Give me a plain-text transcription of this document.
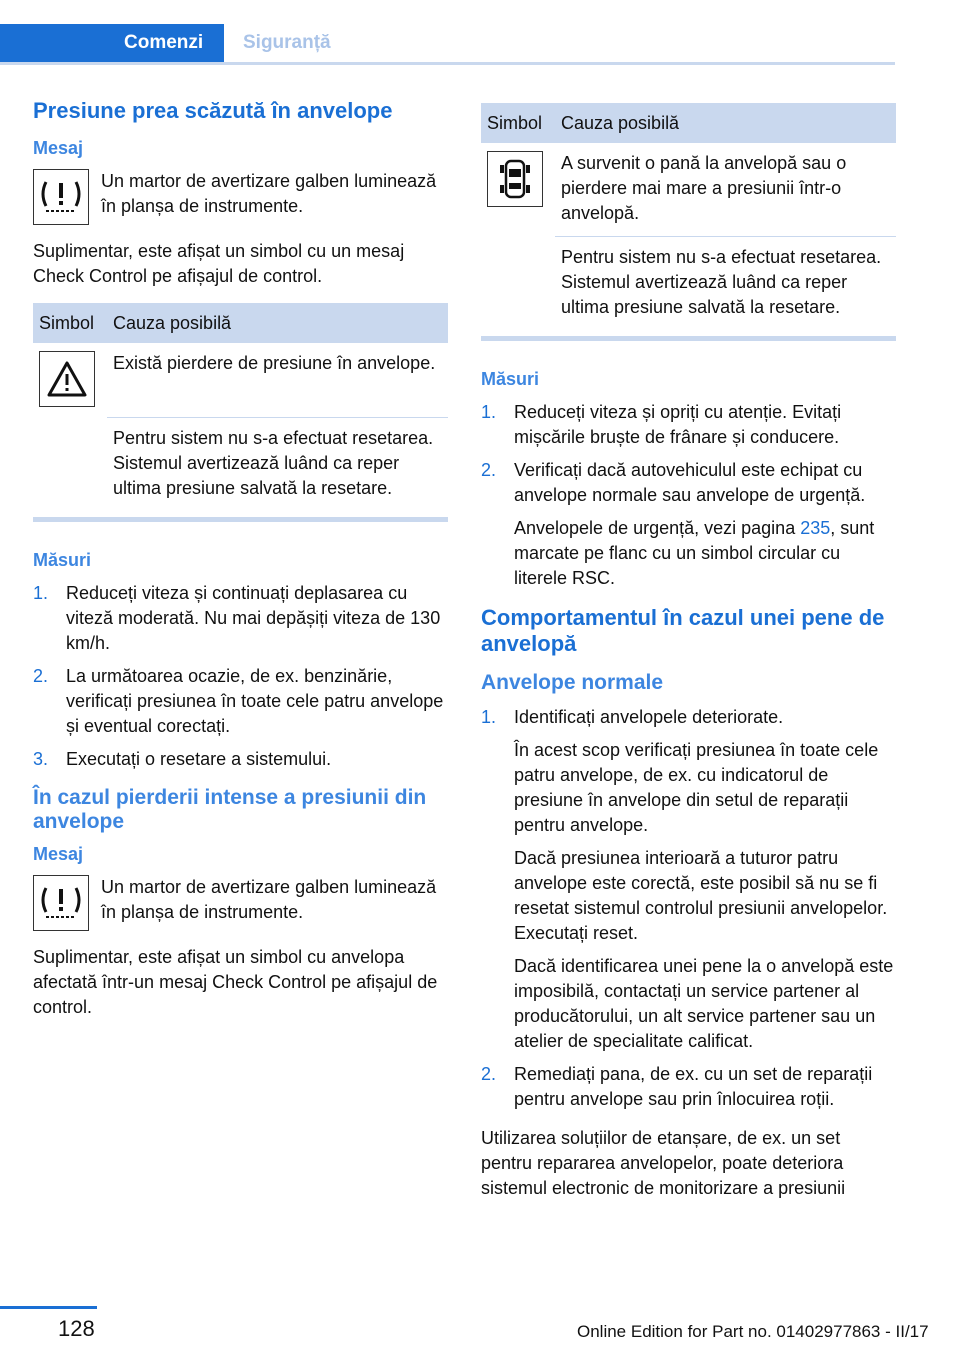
Comenzi	Siguranță
Presiune prea scăzută în anvelope
Mesaj

Un martor de avertizare galben luminează în planșa de instrumente.

Suplimentar, este afișat un simbol cu un mesaj Check Control pe afișajul de control.

Simbol	Cauza posibilă

	Există pierdere de presiune în anvelope.
	Pentru sistem nu s-a efectuat resetarea. Sistemul avertizează luând ca reper ultima presiune salvată la resetare.
Măsuri
1. Reduceți viteza și continuați deplasarea cu viteză moderată. Nu mai depășiți viteza de 130 km/h.
2. La următoarea ocazie, de ex. benzinărie, verificați presiunea în toate cele patru anvelope și eventual corectați.
3. Executați o resetare a sistemului.
În cazul pierderii intense a presiunii din anvelope
Mesaj

Un martor de avertizare galben luminează în planșa de instrumente.

Suplimentar, este afișat un simbol cu anvelopa afectată într-un mesaj Check Control pe afișajul de control.

Simbol	Cauza posibilă

	A survenit o pană la anvelopă sau o pierdere mai mare a presiunii într-o anvelopă.
	Pentru sistem nu s-a efectuat resetarea. Sistemul avertizează luând ca reper ultima presiune salvată la resetare.
Măsuri
1. Reduceți viteza și opriți cu atenție. Evitați mișcările bruște de frânare și conducere.
2. Verificați dacă autovehiculul este echipat cu anvelope normale sau anvelope de urgență.

Anvelopele de urgență, vezi pagina 235, sunt marcate pe flanc cu un simbol circular cu literele RSC.

Comportamentul în cazul unei pene de anvelopă
Anvelope normale
1. Identificați anvelopele deteriorate.

În acest scop verificați presiunea în toate cele patru anvelope, de ex. cu indicatorul de presiune în anvelope din setul de reparații pentru anvelope.

Dacă presiunea interioară a tuturor patru anvelope este corectă, este posibil să nu se fi resetat sistemul controlul presiunii anvelopelor. Executați reset.

Dacă identificarea unei pene la o anvelopă este imposibilă, contactați un service partener al producătorului, un alt service partener sau un atelier de specialitate calificat.

2. Remediați pana, de ex. cu un set de reparații pentru anvelope sau prin înlocuirea roții.

Utilizarea soluțiilor de etanșare, de ex. un set pentru repararea anvelopelor, poate deteriora sistemul electronic de monitorizare a presiunii

128	Online Edition for Part no. 01402977863 - II/17
